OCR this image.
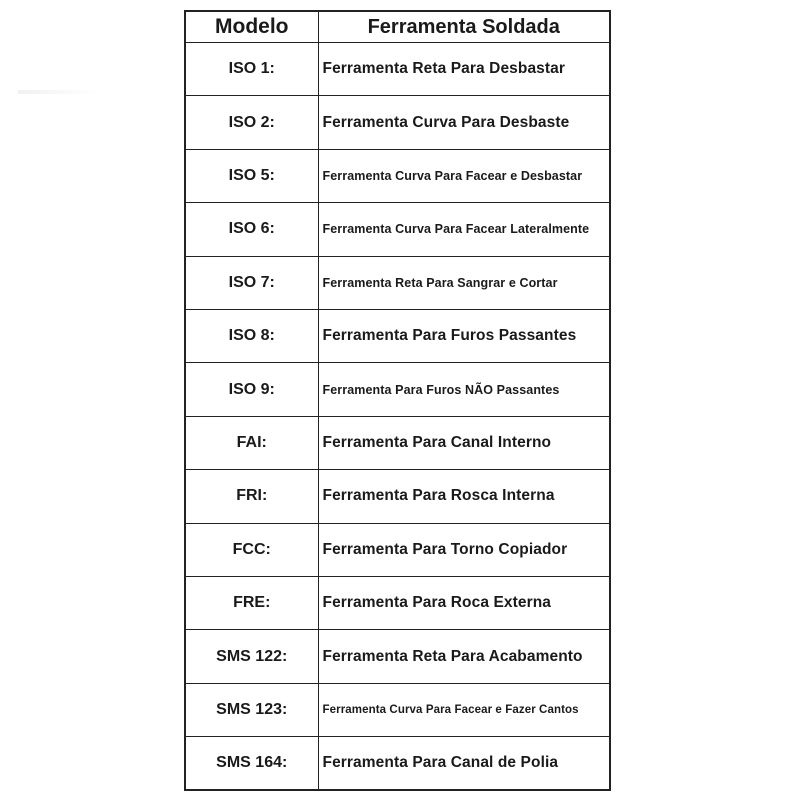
Modelo	Ferramenta Soldada
ISO 1:	Ferramenta Reta Para Desbastar
ISO 2:	Ferramenta Curva Para Desbaste
ISO 5:	Ferramenta Curva Para Facear e Desbastar
ISO 6:	Ferramenta Curva Para Facear Lateralmente
ISO 7:	Ferramenta Reta Para Sangrar e Cortar
ISO 8:	Ferramenta Para Furos Passantes
ISO 9:	Ferramenta Para Furos NÃO Passantes
FAI:	Ferramenta Para Canal Interno
FRI:	Ferramenta Para Rosca Interna
FCC:	Ferramenta Para Torno Copiador
FRE:	Ferramenta Para Roca Externa
SMS 122:	Ferramenta Reta Para Acabamento
SMS 123:	Ferramenta Curva Para Facear e Fazer Cantos
SMS 164:	Ferramenta Para Canal de Polia
